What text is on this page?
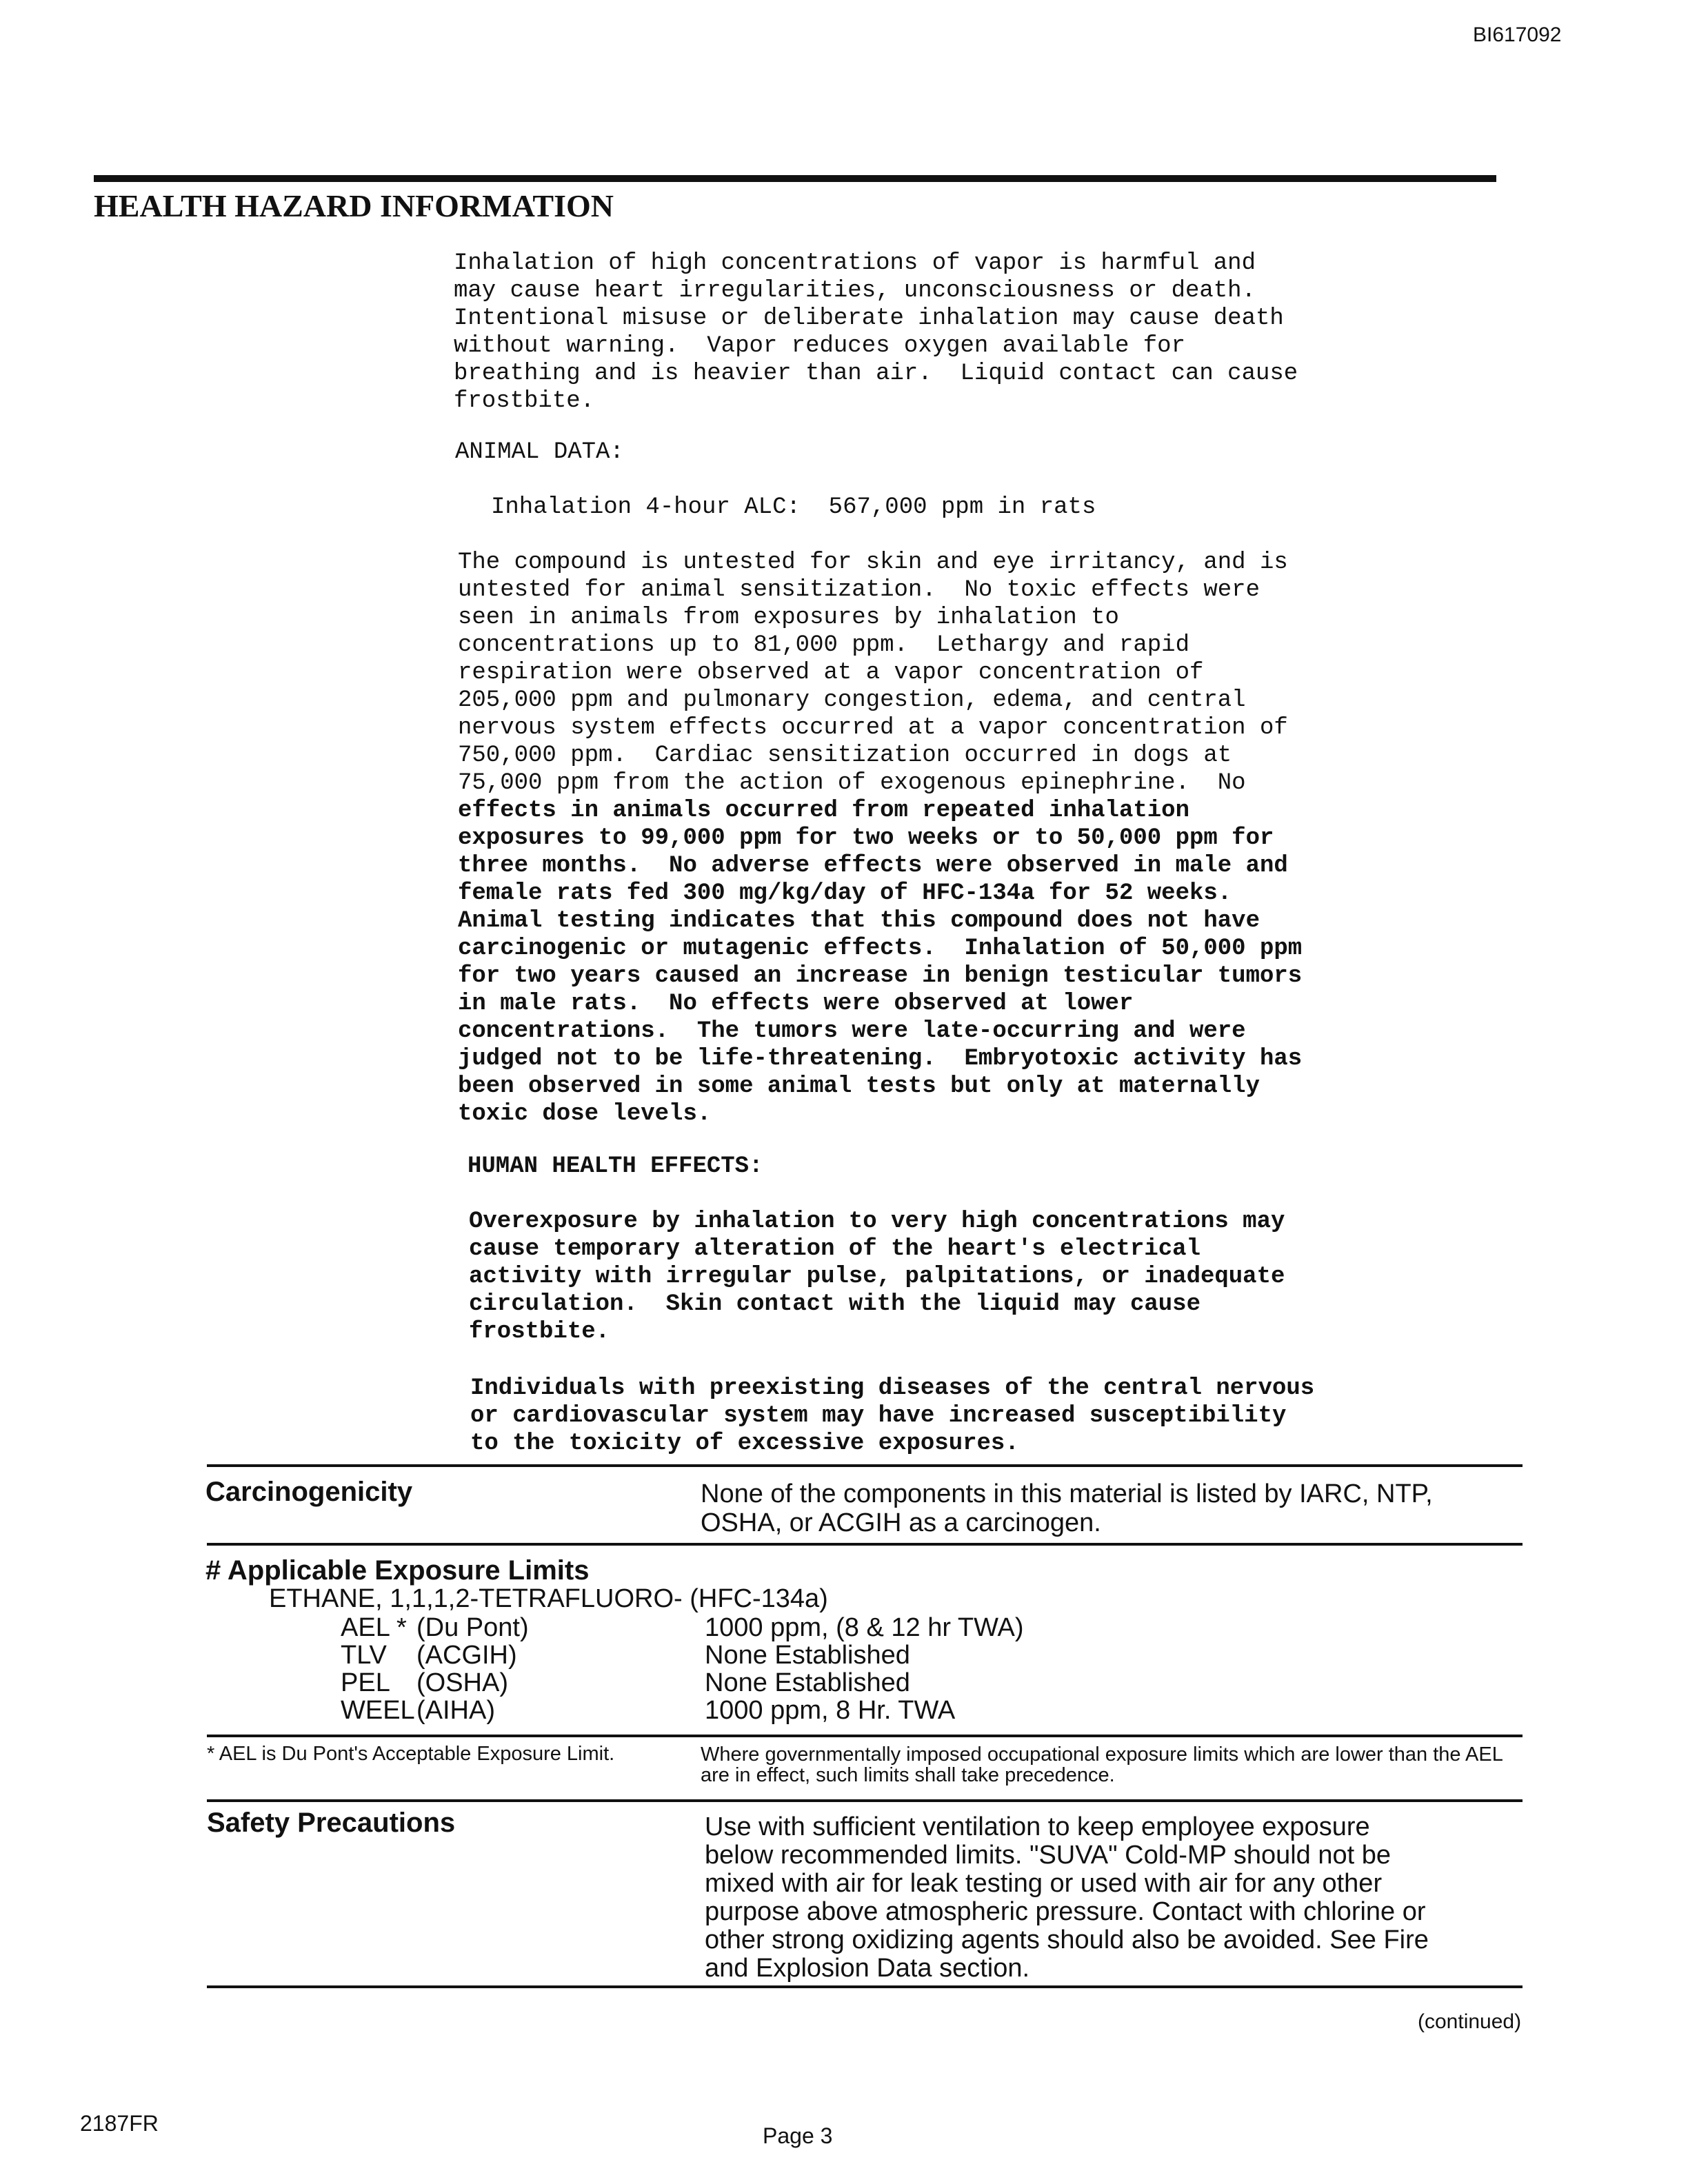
BI617092
HEALTH HAZARD INFORMATION
Inhalation of high concentrations of vapor is harmful and
may cause heart irregularities, unconsciousness or death.
Intentional misuse or deliberate inhalation may cause death
without warning.  Vapor reduces oxygen available for
breathing and is heavier than air.  Liquid contact can cause
frostbite.
ANIMAL DATA:
Inhalation 4-hour ALC:  567,000 ppm in rats
The compound is untested for skin and eye irritancy, and is
untested for animal sensitization.  No toxic effects were
seen in animals from exposures by inhalation to
concentrations up to 81,000 ppm.  Lethargy and rapid
respiration were observed at a vapor concentration of
205,000 ppm and pulmonary congestion, edema, and central
nervous system effects occurred at a vapor concentration of
750,000 ppm.  Cardiac sensitization occurred in dogs at
75,000 ppm from the action of exogenous epinephrine.  No
effects in animals occurred from repeated inhalation
exposures to 99,000 ppm for two weeks or to 50,000 ppm for
three months.  No adverse effects were observed in male and
female rats fed 300 mg/kg/day of HFC-134a for 52 weeks.
Animal testing indicates that this compound does not have
carcinogenic or mutagenic effects.  Inhalation of 50,000 ppm
for two years caused an increase in benign testicular tumors
in male rats.  No effects were observed at lower
concentrations.  The tumors were late-occurring and were
judged not to be life-threatening.  Embryotoxic activity has
been observed in some animal tests but only at maternally
toxic dose levels.
HUMAN HEALTH EFFECTS:
Overexposure by inhalation to very high concentrations may
cause temporary alteration of the heart's electrical
activity with irregular pulse, palpitations, or inadequate
circulation.  Skin contact with the liquid may cause
frostbite.
Individuals with preexisting diseases of the central nervous
or cardiovascular system may have increased susceptibility
to the toxicity of excessive exposures.
Carcinogenicity	None of the components in this material is listed by IARC, NTP, OSHA, or ACGIH as a carcinogen.
# Applicable Exposure Limits
ETHANE, 1,1,1,2-TETRAFLUORO- (HFC-134a)
AEL * (Du Pont)	1000 ppm, (8 & 12 hr TWA)
TLV	(ACGIH)	None Established
PEL	(OSHA)	None Established
WEEL (AIHA)	1000 ppm, 8 Hr. TWA
* AEL is Du Pont's Acceptable Exposure Limit.	Where governmentally imposed occupational exposure limits which are lower than the AEL are in effect, such limits shall take precedence.
Safety Precautions	Use with sufficient ventilation to keep employee exposure below recommended limits. "SUVA" Cold-MP should not be mixed with air for leak testing or used with air for any other purpose above atmospheric pressure. Contact with chlorine or other strong oxidizing agents should also be avoided. See Fire and Explosion Data section.
(continued)
2187FR	Page 3
